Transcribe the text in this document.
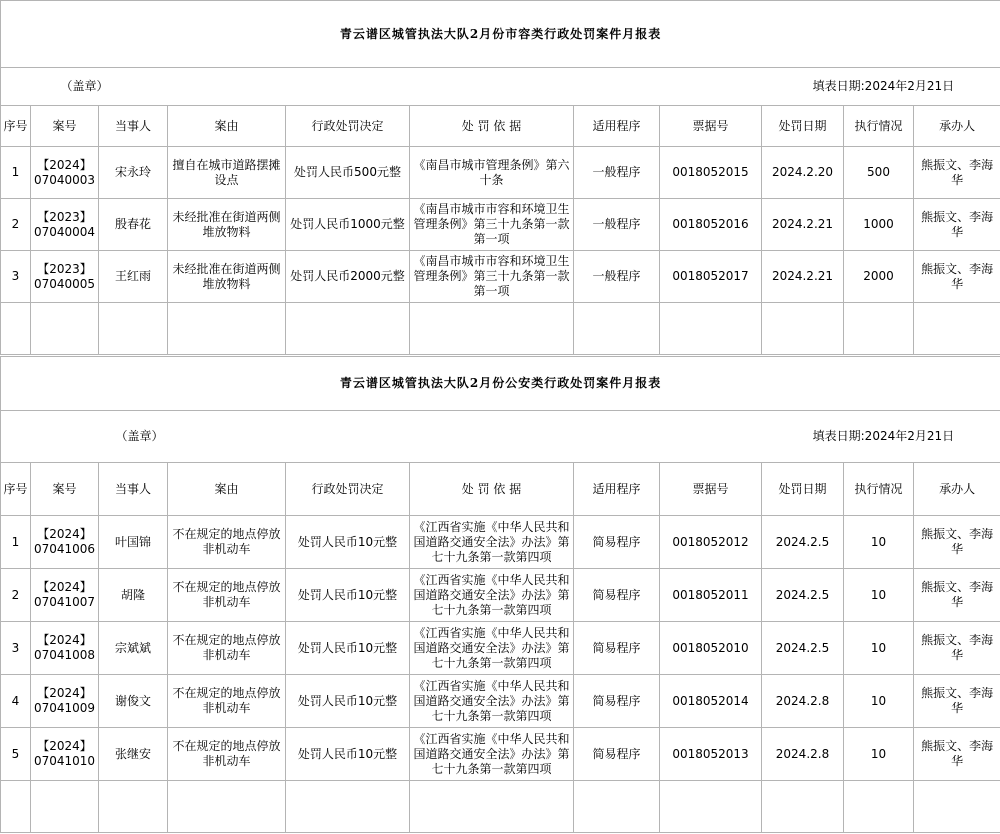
青云谱区城管执法大队2月份市容类行政处罚案件月报表										
	（盖章）							填表日期:2024年2月21日		
序号	案号	当事人	案由	行政处罚决定	处 罚 依 据	适用程序	票据号	处罚日期	执行情况	承办人
1	【2024】07040003	宋永玲	擅自在城市道路摆摊设点	处罚人民币500元整	《南昌市城市管理条例》第六十条	一般程序	0018052015	2024.2.20	500	熊振文、李海华
2	【2023】07040004	殷春花	未经批准在街道两侧堆放物料	处罚人民币1000元整	《南昌市城市市容和环境卫生管理条例》第三十九条第一款第一项	一般程序	0018052016	2024.2.21	1000	熊振文、李海华
3	【2023】07040005	王红雨	未经批准在街道两侧堆放物料	处罚人民币2000元整	《南昌市城市市容和环境卫生管理条例》第三十九条第一款第一项	一般程序	0018052017	2024.2.21	2000	熊振文、李海华

青云谱区城管执法大队2月份公安类行政处罚案件月报表										
	（盖章）							填表日期:2024年2月21日		
序号	案号	当事人	案由	行政处罚决定	处 罚 依 据	适用程序	票据号	处罚日期	执行情况	承办人
1	【2024】07041006	叶国锦	不在规定的地点停放非机动车	处罚人民币10元整	《江西省实施《中华人民共和国道路交通安全法》办法》第七十九条第一款第四项	简易程序	0018052012	2024.2.5	10	熊振文、李海华
2	【2024】07041007	胡隆	不在规定的地点停放非机动车	处罚人民币10元整	《江西省实施《中华人民共和国道路交通安全法》办法》第七十九条第一款第四项	简易程序	0018052011	2024.2.5	10	熊振文、李海华
3	【2024】07041008	宗斌斌	不在规定的地点停放非机动车	处罚人民币10元整	《江西省实施《中华人民共和国道路交通安全法》办法》第七十九条第一款第四项	简易程序	0018052010	2024.2.5	10	熊振文、李海华
4	【2024】07041009	谢俊文	不在规定的地点停放非机动车	处罚人民币10元整	《江西省实施《中华人民共和国道路交通安全法》办法》第七十九条第一款第四项	简易程序	0018052014	2024.2.8	10	熊振文、李海华
5	【2024】07041010	张继安	不在规定的地点停放非机动车	处罚人民币10元整	《江西省实施《中华人民共和国道路交通安全法》办法》第七十九条第一款第四项	简易程序	0018052013	2024.2.8	10	熊振文、李海华
